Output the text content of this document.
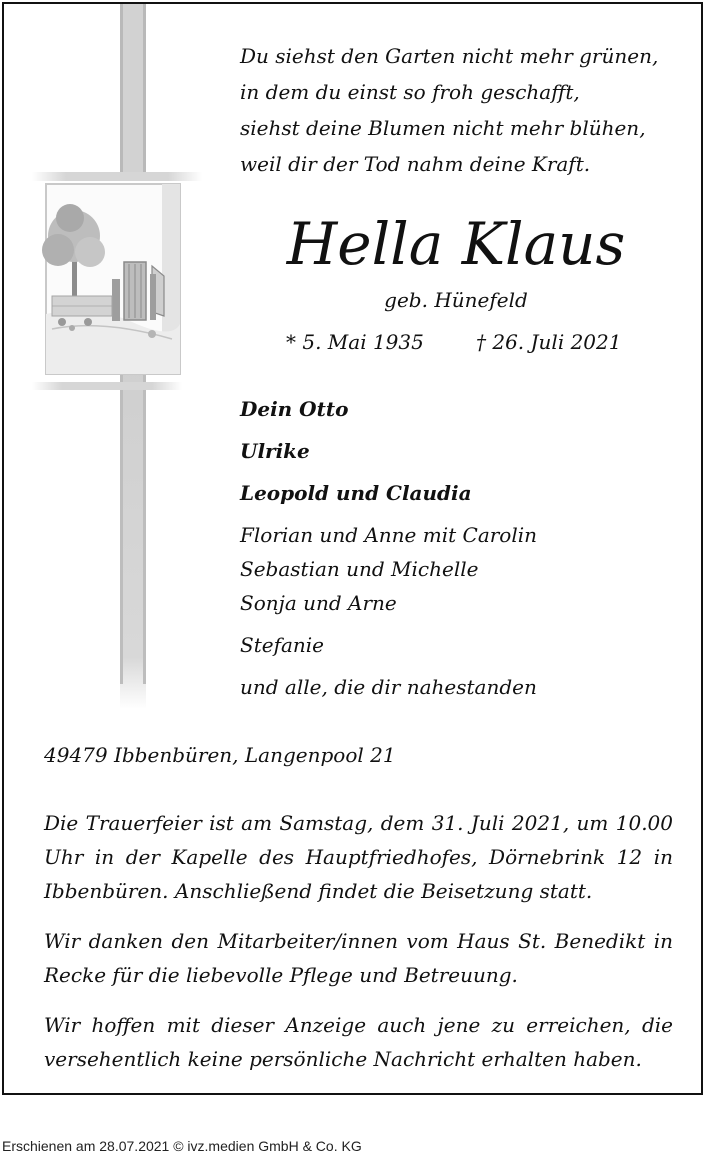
Du siehst den Garten nicht mehr grünen,
in dem du einst so froh geschafft,
siehst deine Blumen nicht mehr blühen,
weil dir der Tod nahm deine Kraft.
Hella Klaus
geb. Hünefeld
* 5. Mai 1935	† 26. Juli 2021
Dein Otto
Ulrike
Leopold und Claudia
Florian und Anne mit Carolin
Sebastian und Michelle
Sonja und Arne
Stefanie
und alle, die dir nahestanden
49479 Ibbenbüren, Langenpool 21
Die Trauerfeier ist am Samstag, dem 31. Juli 2021, um 10.00 Uhr in der Kapelle des Hauptfriedhofes, Dörnebrink 12 in Ibbenbüren. Anschließend findet die Beisetzung statt.
Wir danken den Mitarbeiter/innen vom Haus St. Benedikt in Recke für die liebevolle Pflege und Betreuung.
Wir hoffen mit dieser Anzeige auch jene zu erreichen, die versehentlich keine persönliche Nachricht erhalten haben.
Erschienen am 28.07.2021 © ivz.medien GmbH & Co. KG
